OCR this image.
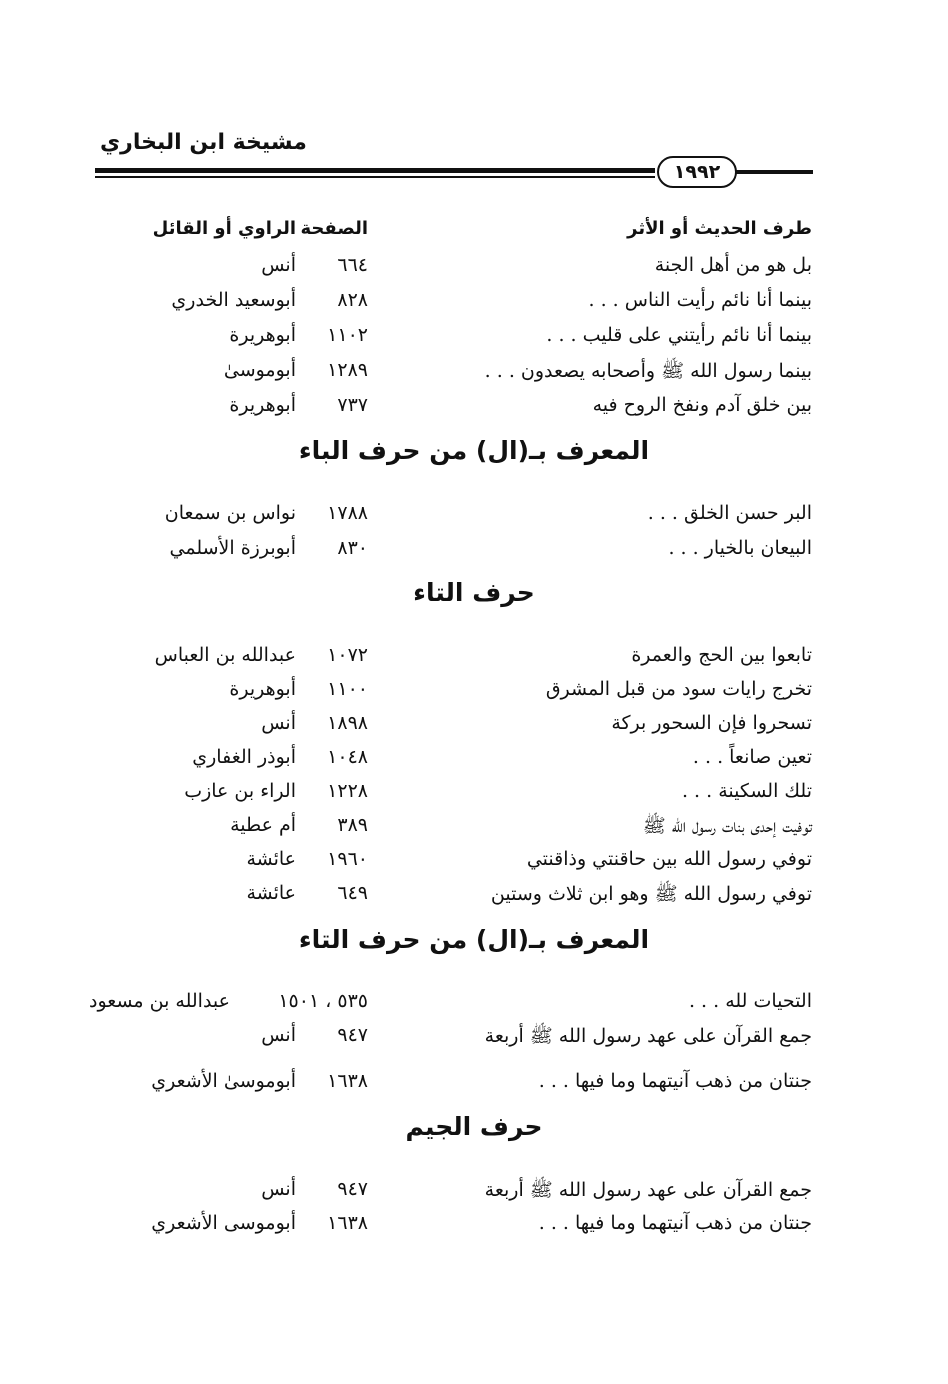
مشيخة ابن البخاري
١٩٩٢
طرف الحديث أو الأثر
الصفحة
الراوي أو القائل
بل هو من أهل الجنة
٦٦٤
أنس
بينما أنا نائم رأيت الناس . . .
٨٢٨
أبوسعيد الخدري
بينما أنا نائم رأيتني على قليب . . .
١١٠٢
أبوهريرة
بينما رسول الله ﷺ وأصحابه يصعدون . . .
١٢٨٩
أبوموسىٰ
بين خلق آدم ونفخ الروح فيه
٧٣٧
أبوهريرة
المعرف بـ(ال) من حرف الباء
البر حسن الخلق . . .
١٧٨٨
نواس بن سمعان
البيعان بالخيار . . .
٨٣٠
أبوبرزة الأسلمي
حرف التاء
تابعوا بين الحج والعمرة
١٠٧٢
عبدالله بن العباس
تخرج رايات سود من قبل المشرق
١١٠٠
أبوهريرة
تسحروا فإن السحور بركة
١٨٩٨
أنس
تعين صانعاً . . .
١٠٤٨
أبوذر الغفاري
تلك السكينة . . .
١٢٢٨
الراء بن عازب
توفيت إحدى بنات رسول الله ﷺ
٣٨٩
أم عطية
توفي رسول الله بين حاقنتي وذاقنتي
١٩٦٠
عائشة
توفي رسول الله ﷺ وهو ابن ثلاث وستين
٦٤٩
عائشة
المعرف بـ(ال) من حرف التاء
التحيات لله . . .
٥٣٥ ، ١٥٠١
عبدالله بن مسعود
جمع القرآن على عهد رسول الله ﷺ أربعة
٩٤٧
أنس
جنتان من ذهب آنيتهما وما فيها . . .
١٦٣٨
أبوموسىٰ الأشعري
حرف الجيم
جمع القرآن على عهد رسول الله ﷺ أربعة
٩٤٧
أنس
جنتان من ذهب آنيتهما وما فيها . . .
١٦٣٨
أبوموسى الأشعري
